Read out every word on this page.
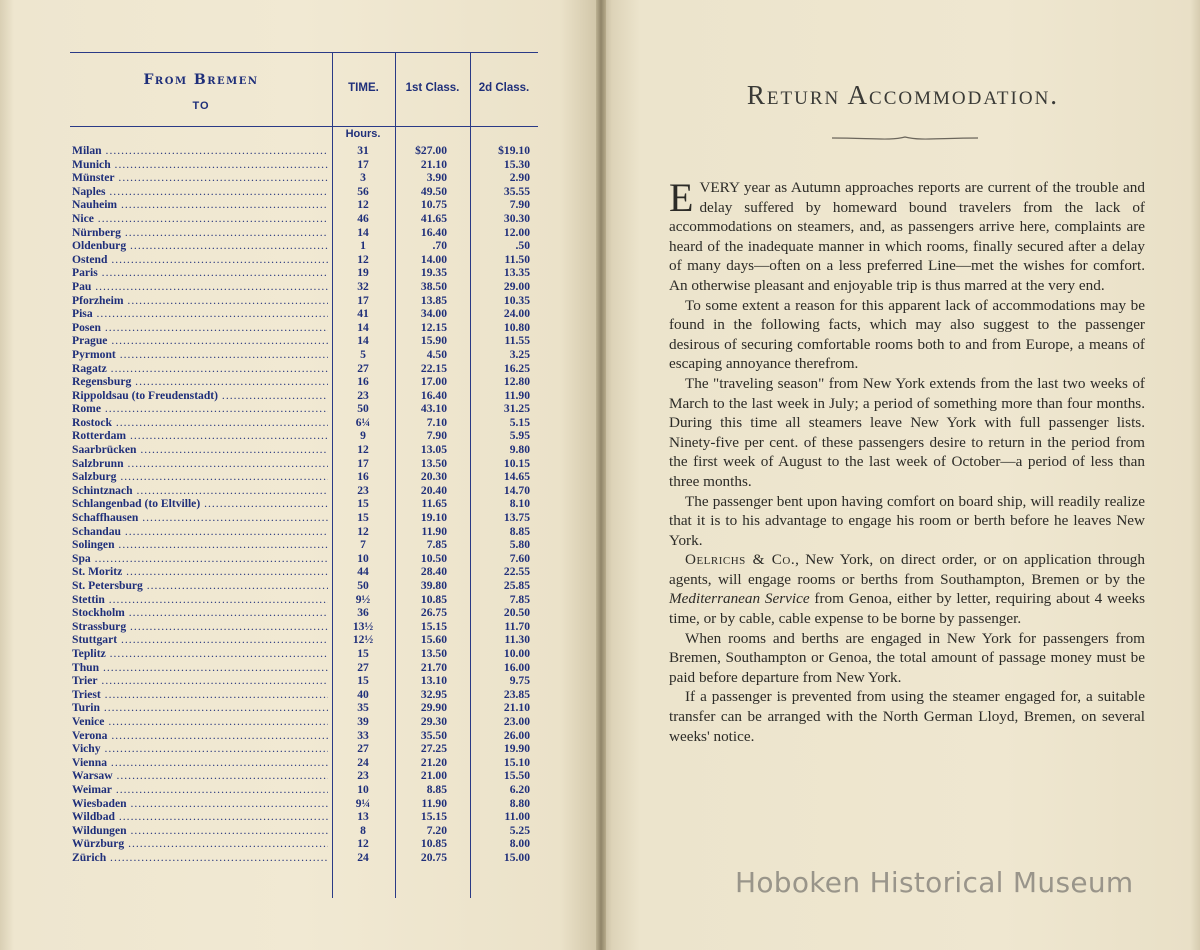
From Bremen
TO
TIME.	1st Class.	2d Class.
Hours.
Milan .....	31	$27.00	$19.10
Munich .....	17	21.10	15.30
Münster .....	3	3.90	2.90
Naples .....	56	49.50	35.55
Nauheim .....	12	10.75	7.90
Nice .....	46	41.65	30.30
Nürnberg .....	14	16.40	12.00
Oldenburg .....	1	.70	.50
Ostend .....	12	14.00	11.50
Paris .....	19	19.35	13.35
Pau .....	32	38.50	29.00
Pforzheim .....	17	13.85	10.35
Pisa .....	41	34.00	24.00
Posen .....	14	12.15	10.80
Prague .....	14	15.90	11.55
Pyrmont .....	5	4.50	3.25
Ragatz .....	27	22.15	16.25
Regensburg .....	16	17.00	12.80
Rippoldsau (to Freudenstadt) .....	23	16.40	11.90
Rome .....	50	43.10	31.25
Rostock .....	6¼	7.10	5.15
Rotterdam .....	9	7.90	5.95
Saarbrücken .....	12	13.05	9.80
Salzbrunn .....	17	13.50	10.15
Salzburg .....	16	20.30	14.65
Schintznach .....	23	20.40	14.70
Schlangenbad (to Eltville) .....	15	11.65	8.10
Schaffhausen .....	15	19.10	13.75
Schandau .....	12	11.90	8.85
Solingen .....	7	7.85	5.80
Spa .....	10	10.50	7.60
St. Moritz .....	44	28.40	22.55
St. Petersburg .....	50	39.80	25.85
Stettin .....	9½	10.85	7.85
Stockholm .....	36	26.75	20.50
Strassburg .....	13½	15.15	11.70
Stuttgart .....	12½	15.60	11.30
Teplitz .....	15	13.50	10.00
Thun .....	27	21.70	16.00
Trier .....	15	13.10	9.75
Triest .....	40	32.95	23.85
Turin .....	35	29.90	21.10
Venice .....	39	29.30	23.00
Verona .....	33	35.50	26.00
Vichy .....	27	27.25	19.90
Vienna .....	24	21.20	15.10
Warsaw .....	23	21.00	15.50
Weimar .....	10	8.85	6.20
Wiesbaden .....	9¼	11.90	8.80
Wildbad .....	13	15.15	11.00
Wildungen .....	8	7.20	5.25
Würzburg .....	12	10.85	8.00
Zürich .....	24	20.75	15.00
Return Accommodation.

EVERY year as Autumn approaches reports are current of the trouble and delay suffered by homeward bound travelers from the lack of accommodations on steamers, and, as passengers arrive here, complaints are heard of the inadequate manner in which rooms, finally secured after a delay of many days—often on a less preferred Line—met the wishes for comfort. An otherwise pleasant and enjoyable trip is thus marred at the very end.

To some extent a reason for this apparent lack of accommodations may be found in the following facts, which may also suggest to the passenger desirous of securing comfortable rooms both to and from Europe, a means of escaping annoyance therefrom.

The "traveling season" from New York extends from the last two weeks of March to the last week in July; a period of something more than four months. During this time all steamers leave New York with full passenger lists. Ninety-five per cent. of these passengers desire to return in the period from the first week of August to the last week of October—a period of less than three months.

The passenger bent upon having comfort on board ship, will readily realize that it is to his advantage to engage his room or berth before he leaves New York.

Oelrichs & Co., New York, on direct order, or on application through agents, will engage rooms or berths from Southampton, Bremen or by the Mediterranean Service from Genoa, either by letter, requiring about 4 weeks time, or by cable, cable expense to be borne by passenger.

When rooms and berths are engaged in New York for passengers from Bremen, Southampton or Genoa, the total amount of passage money must be paid before departure from New York.

If a passenger is prevented from using the steamer engaged for, a suitable transfer can be arranged with the North German Lloyd, Bremen, on several weeks' notice.

Hoboken Historical Museum
